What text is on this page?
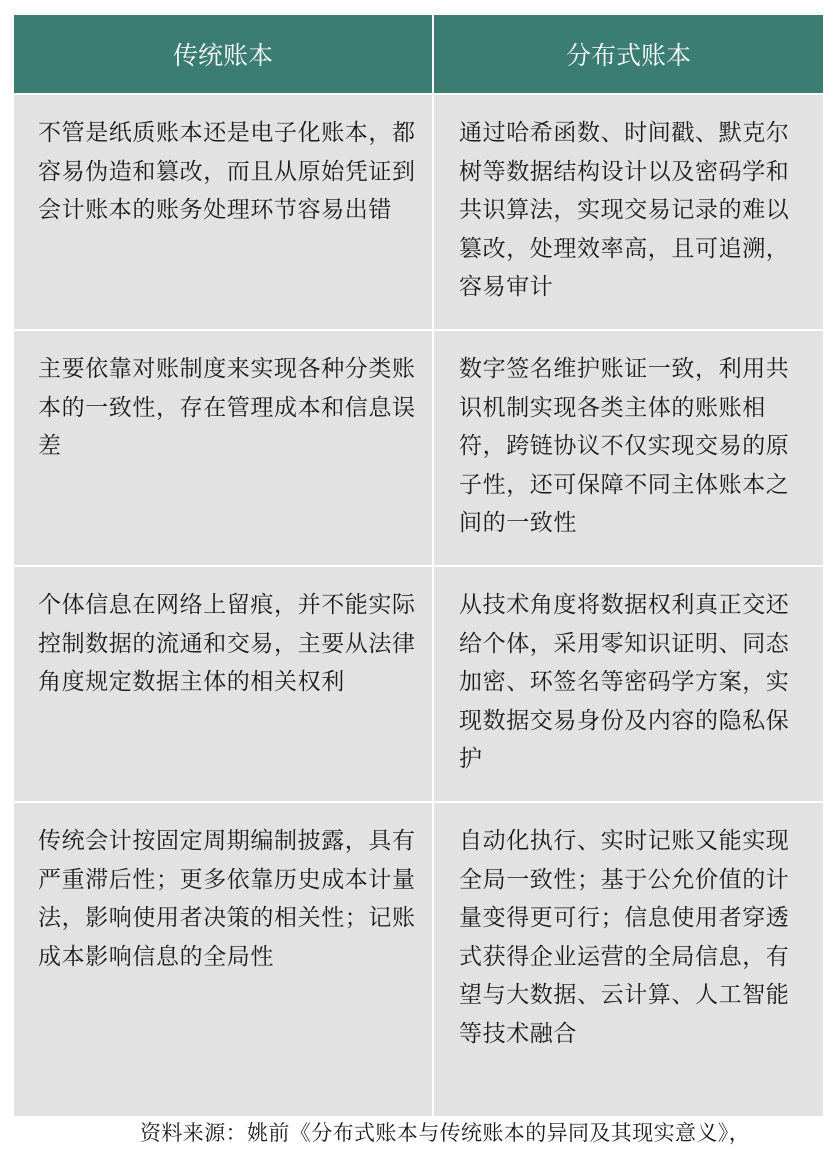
传统账本	分布式账本

不管是纸质账本还是电子化账本，都容易伪造和篡改，而且从原始凭证到会计账本的账务处理环节容易出错	通过哈希函数、时间戳、默克尔树等数据结构设计以及密码学和共识算法，实现交易记录的难以篡改，处理效率高，且可追溯，容易审计

主要依靠对账制度来实现各种分类账本的一致性，存在管理成本和信息误差	数字签名维护账证一致，利用共识机制实现各类主体的账账相符，跨链协议不仅实现交易的原子性，还可保障不同主体账本之间的一致性

个体信息在网络上留痕，并不能实际控制数据的流通和交易，主要从法律角度规定数据主体的相关权利	从技术角度将数据权利真正交还给个体，采用零知识证明、同态加密、环签名等密码学方案，实现数据交易身份及内容的隐私保护

传统会计按固定周期编制披露，具有严重滞后性；更多依靠历史成本计量法，影响使用者决策的相关性；记账成本影响信息的全局性	自动化执行、实时记账又能实现全局一致性；基于公允价值的计量变得更可行；信息使用者穿透式获得企业运营的全局信息，有望与大数据、云计算、人工智能等技术融合
资料来源：姚前《分布式账本与传统账本的异同及其现实意义》，
